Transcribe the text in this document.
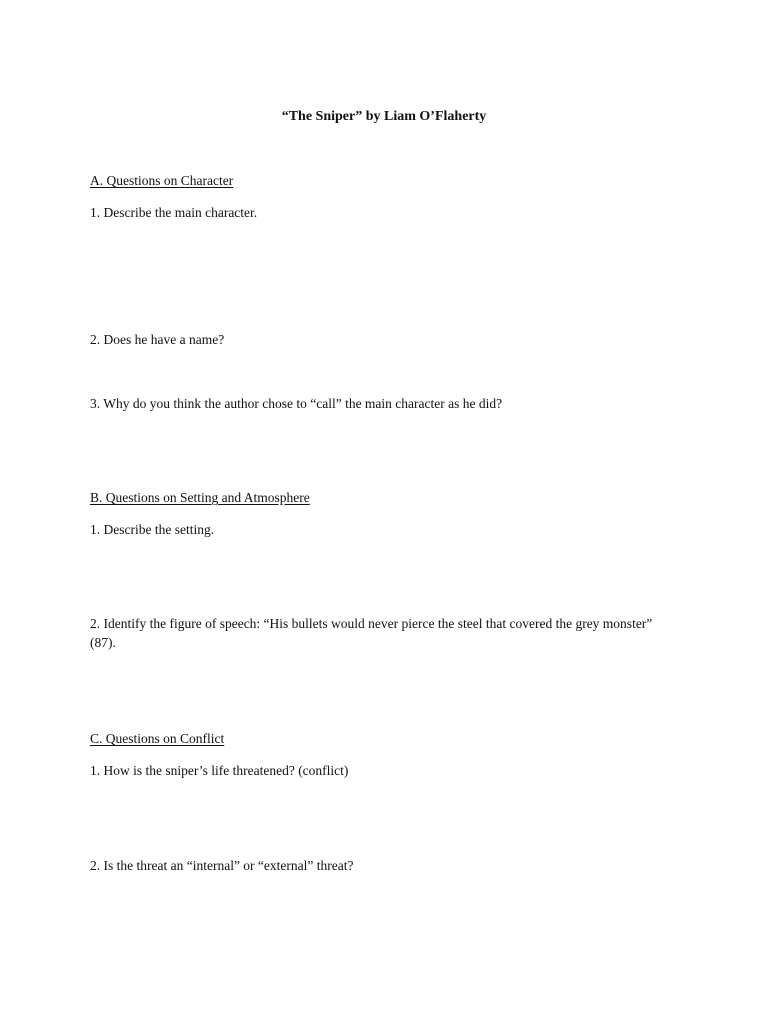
“The Sniper” by Liam O’Flaherty
A. Questions on Character
1. Describe the main character.
2. Does he have a name?
3. Why do you think the author chose to “call” the main character as he did?
B. Questions on Setting and Atmosphere
1. Describe the setting.
2. Identify the figure of speech: “His bullets would never pierce the steel that covered the grey monster” (87).
C. Questions on Conflict
1. How is the sniper’s life threatened? (conflict)
2. Is the threat an “internal” or “external” threat?
